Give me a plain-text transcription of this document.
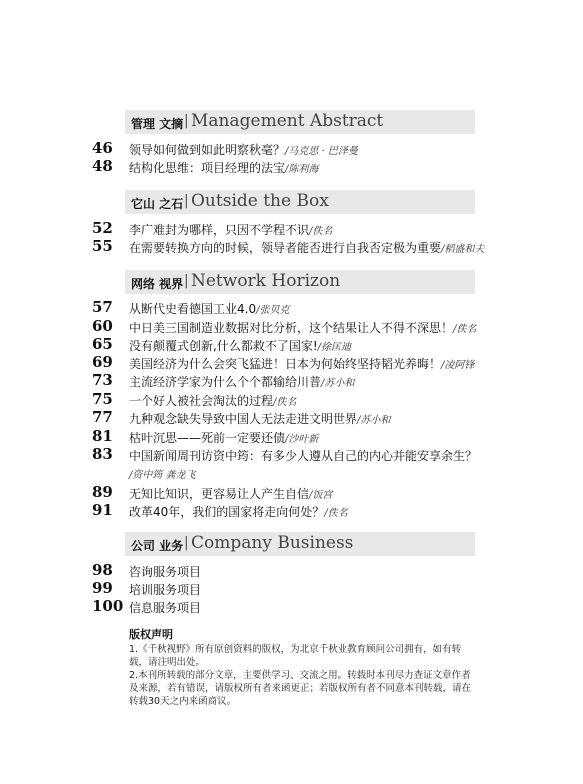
管理 文摘 | Management Abstract
46	领导如何做到如此明察秋毫？/马克思 · 巴泽曼
48	结构化思维：项目经理的法宝/陈利海
它山 之石 | Outside the Box
52	李广难封为哪样，只因不学程不识/佚名
55	在需要转换方向的时候，领导者能否进行自我否定极为重要/稻盛和夫
网络 视界 | Network Horizon
57	从断代史看德国工业4.0/张贝克
60	中日美三国制造业数据对比分析，这个结果让人不得不深思！/佚名
65	没有颠覆式创新,什么都救不了国家!/徐匡迪
69	美国经济为什么会突飞猛进！日本为何始终坚持韬光养晦！/凌阿锋
73	主流经济学家为什么个个都输给川普/苏小和
75	一个好人被社会淘汰的过程/佚名
77	九种观念缺失导致中国人无法走进文明世界/苏小和
81	枯叶沉思——死前一定要还债/沙叶新
83	中国新闻周刊访资中筠：有多少人遵从自己的内心并能安享余生？
/资中筠 龚龙飞
89	无知比知识，更容易让人产生自信/饭宫
91	改革40年，我们的国家将走向何处？/佚名
公司 业务 | Company Business
98	咨询服务项目
99	培训服务项目
100 信息服务项目
版权声明
1.《千秋视野》所有原创资料的版权，为北京千秋业教育顾问公司拥有，如有转载，请注明出处。
2.本刊所转载的部分文章，主要供学习、交流之用。转载时本刊尽力查证文章作者及来源，若有错误，请版权所有者来函更正；若版权所有者不同意本刊转载，请在转载30天之内来函商议。
